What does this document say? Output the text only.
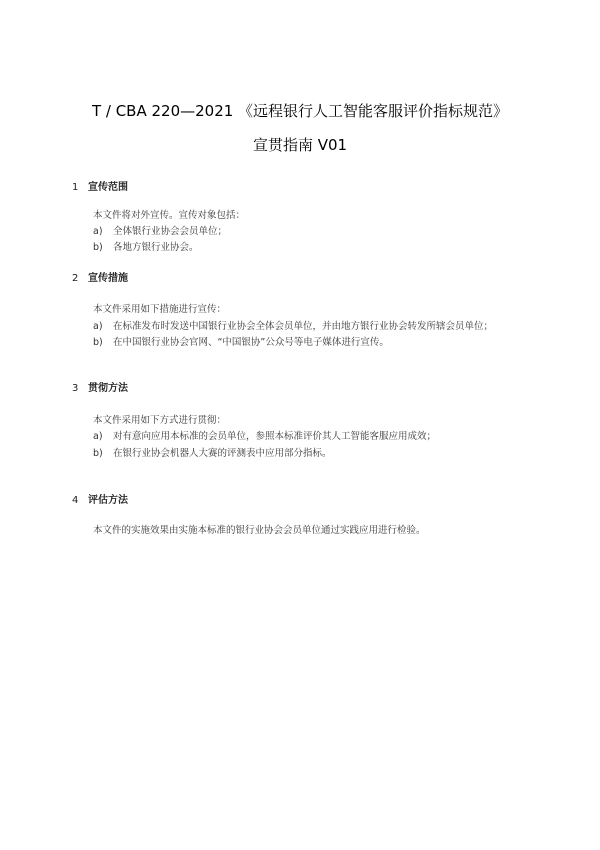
T / CBA 220—2021 《远程银行人工智能客服评价指标规范》
宣贯指南 V01
1 宣传范围
本文件将对外宣传。宣传对象包括：
a) 全体银行业协会会员单位；
b) 各地方银行业协会。
2 宣传措施
本文件采用如下措施进行宣传：
a) 在标准发布时发送中国银行业协会全体会员单位，并由地方银行业协会转发所辖会员单位；
b) 在中国银行业协会官网、“中国银协”公众号等电子媒体进行宣传。
3 贯彻方法
本文件采用如下方式进行贯彻：
a) 对有意向应用本标准的会员单位，参照本标准评价其人工智能客服应用成效；
b) 在银行业协会机器人大赛的评测表中应用部分指标。
4 评估方法
本文件的实施效果由实施本标准的银行业协会会员单位通过实践应用进行检验。
